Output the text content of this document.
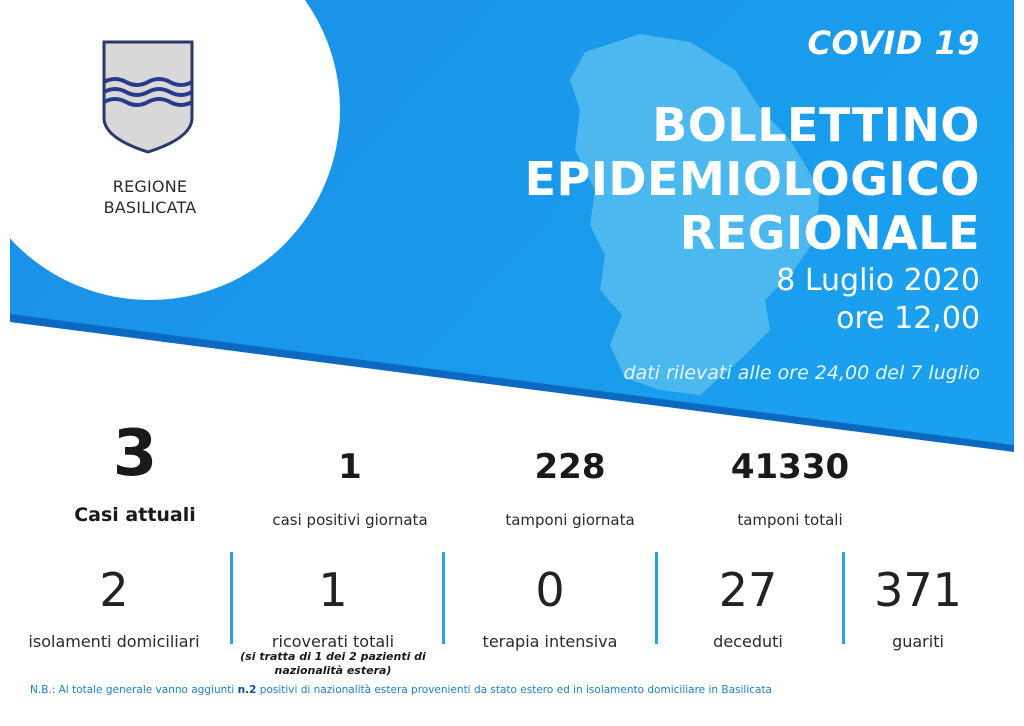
REGIONE
BASILICATA
COVID 19
BOLLETTINO
EPIDEMIOLOGICO
REGIONALE
8 Luglio 2020
ore 12,00
dati rilevati alle ore 24,00 del 7 luglio
3
Casi attuali
1
casi positivi giornata
228
tamponi giornata
41330
tamponi totali
2
isolamenti domiciliari
1
ricoverati totali
(si tratta di 1 dei 2 pazienti di
nazionalità estera)
0
terapia intensiva
27
deceduti
371
guariti
N.B.: Al totale generale vanno aggiunti n.2 positivi di nazionalità estera provenienti da stato estero ed in isolamento domiciliare in Basilicata
